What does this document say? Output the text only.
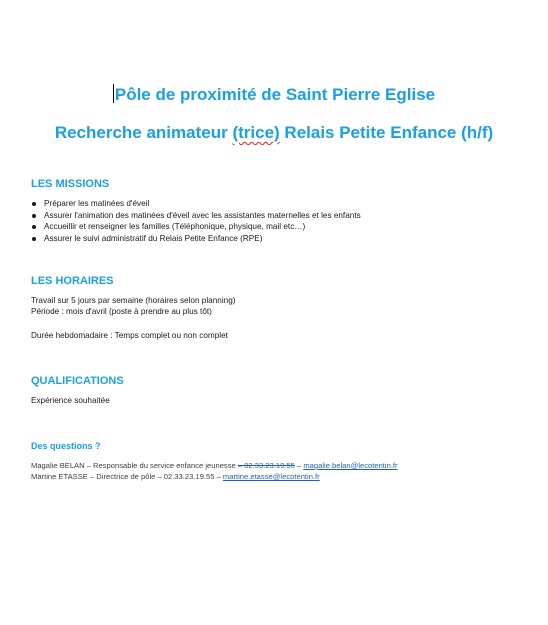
Pôle de proximité de Saint Pierre Eglise
Recherche animateur (trice) Relais Petite Enfance (h/f)
LES MISSIONS
Préparer les matinées d'éveil
Assurer l'animation des matinées d'éveil avec les assistantes maternelles et les enfants
Accueillir et renseigner les familles (Téléphonique, physique, mail etc…)
Assurer le suivi administratif du Relais Petite Enfance (RPE)
LES HORAIRES
Travail sur 5 jours par semaine (horaires selon planning)
Période : mois d'avril (poste à prendre au plus tôt)
Durée hebdomadaire : Temps complet ou non complet
QUALIFICATIONS
Expérience souhaitée
Des questions ?
Magalie BELAN – Responsable du service enfance jeunesse – 02.33.23.19.55 – magalie.belan@lecotentin.fr
Martine ETASSE – Directrice de pôle – 02.33.23.19.55 – martine.etasse@lecotentin.fr
